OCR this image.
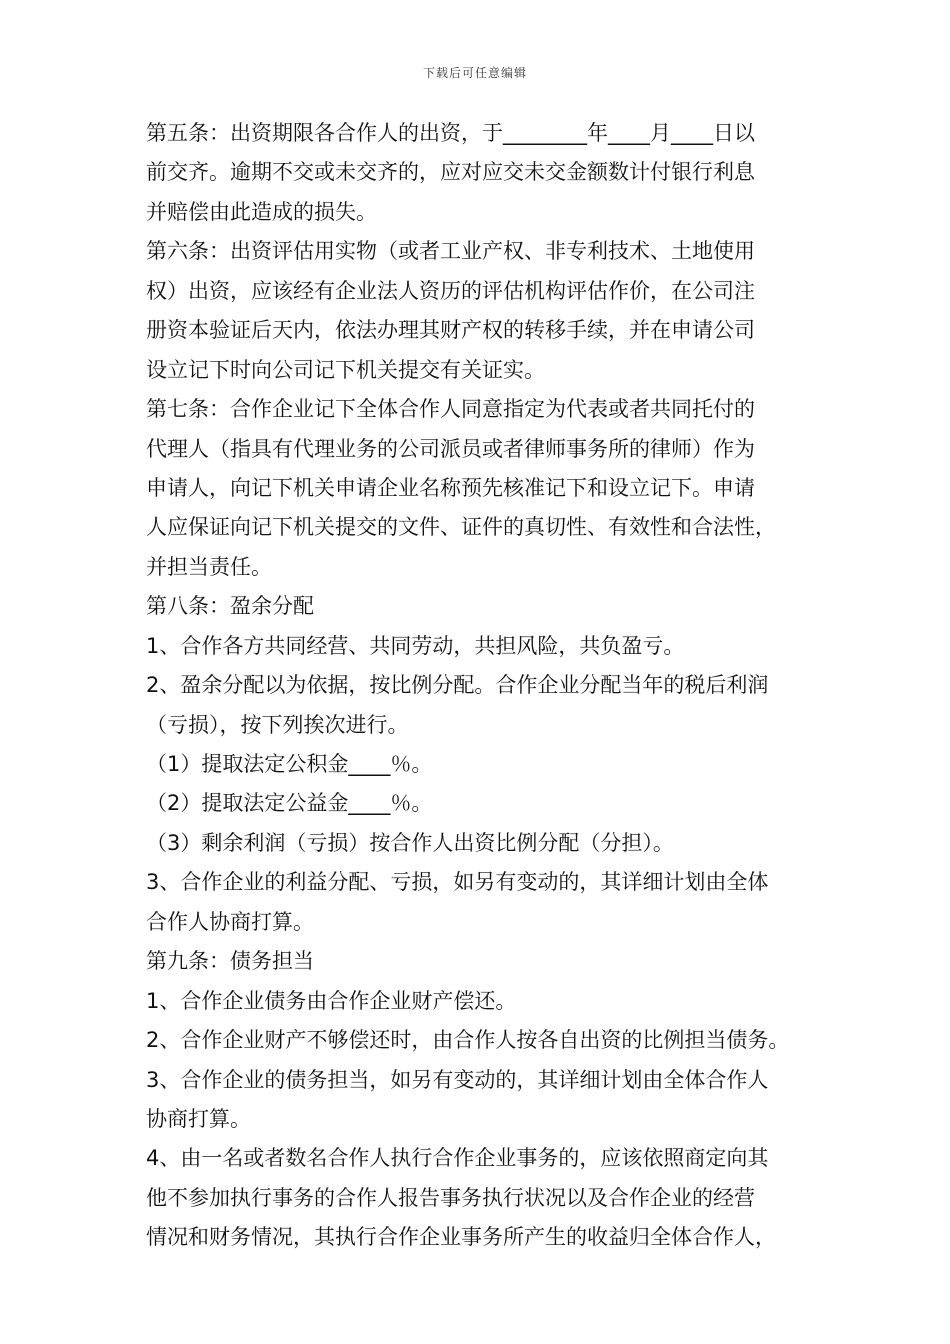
下载后可任意编辑
第五条：出资期限各合作人的出资，于________年____月____日以
前交齐。逾期不交或未交齐的，应对应交未交金额数计付银行利息
并赔偿由此造成的损失。
第六条：出资评估用实物（或者工业产权、非专利技术、土地使用
权）出资，应该经有企业法人资历的评估机构评估作价，在公司注
册资本验证后天内，依法办理其财产权的转移手续，并在申请公司
设立记下时向公司记下机关提交有关证实。
第七条：合作企业记下全体合作人同意指定为代表或者共同托付的
代理人（指具有代理业务的公司派员或者律师事务所的律师）作为
申请人，向记下机关申请企业名称预先核准记下和设立记下。申请
人应保证向记下机关提交的文件、证件的真切性、有效性和合法性，
并担当责任。
第八条：盈余分配
1、合作各方共同经营、共同劳动，共担风险，共负盈亏。
2、盈余分配以为依据，按比例分配。合作企业分配当年的税后利润
（亏损），按下列挨次进行。
（1）提取法定公积金____％。
（2）提取法定公益金____％。
（3）剩余利润（亏损）按合作人出资比例分配（分担）。
3、合作企业的利益分配、亏损，如另有变动的，其详细计划由全体
合作人协商打算。
第九条：债务担当
1、合作企业债务由合作企业财产偿还。
2、合作企业财产不够偿还时，由合作人按各自出资的比例担当债务。
3、合作企业的债务担当，如另有变动的，其详细计划由全体合作人
协商打算。
4、由一名或者数名合作人执行合作企业事务的，应该依照商定向其
他不参加执行事务的合作人报告事务执行状况以及合作企业的经营
情况和财务情况，其执行合作企业事务所产生的收益归全体合作人，
